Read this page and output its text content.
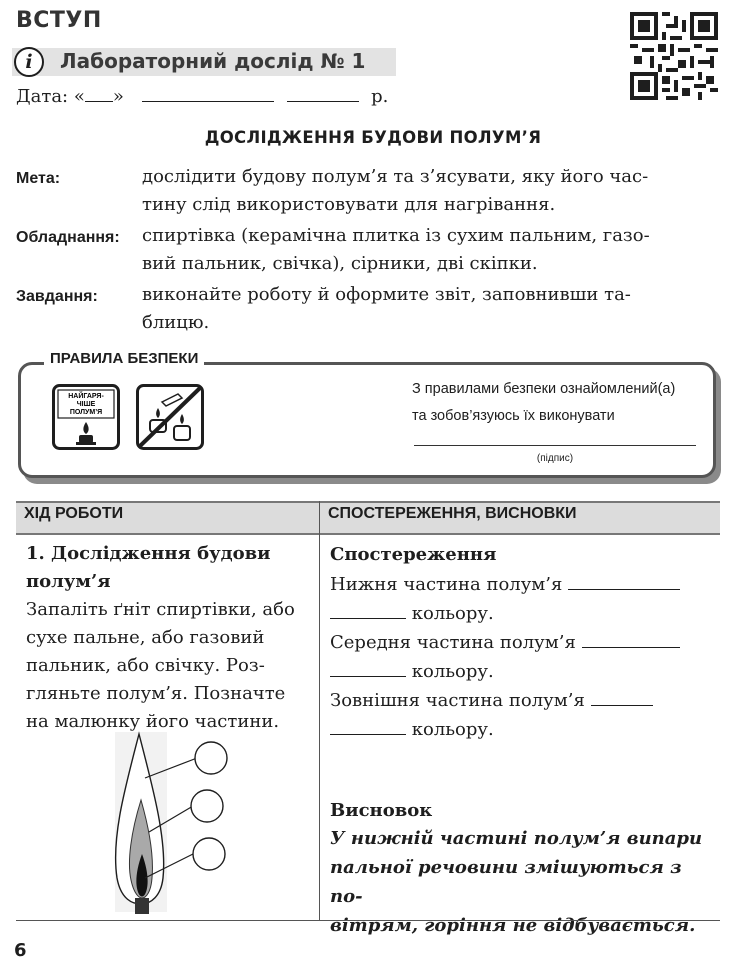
ВСТУП
i	Лабораторний дослід № 1
Дата: « »	р.
ДОСЛІДЖЕННЯ БУДОВИ ПОЛУМ’Я
Мета:	дослідити будову полум’я та з’ясувати, яку його час-
тину слід використовувати для нагрівання.
Обладнання: спиртівка (керамічна плитка із сухим пальним, газо-
вий пальник, свічка), сірники, дві скіпки.
Завдання: виконайте роботу й оформите звіт, заповнивши та-
блицю.
ПРАВИЛА БЕЗПЕКИ
НАЙГАРЯ-
ЧІШЕ
ПОЛУМ’Я
З правилами безпеки ознайомлений(а)
та зобов’язуюсь їх виконувати
(підпис)
ХІД РОБОТИ	СПОСТЕРЕЖЕННЯ, ВИСНОВКИ
1. Дослідження будови
полум’я
Запаліть ґніт спиртівки, або
сухе пальне, або газовий
пальник, або свічку. Роз-
гляньте полум’я. Позначте
на малюнку його частини.
Спостереження
Нижня частина полум’я
кольору.
Середня частина полум’я
кольору.
Зовнішня частина полум’я
кольору.
Висновок
У нижній частині полум’я випари
пальної речовини змішуються з по-
вітрям, горіння не відбувається.
6
